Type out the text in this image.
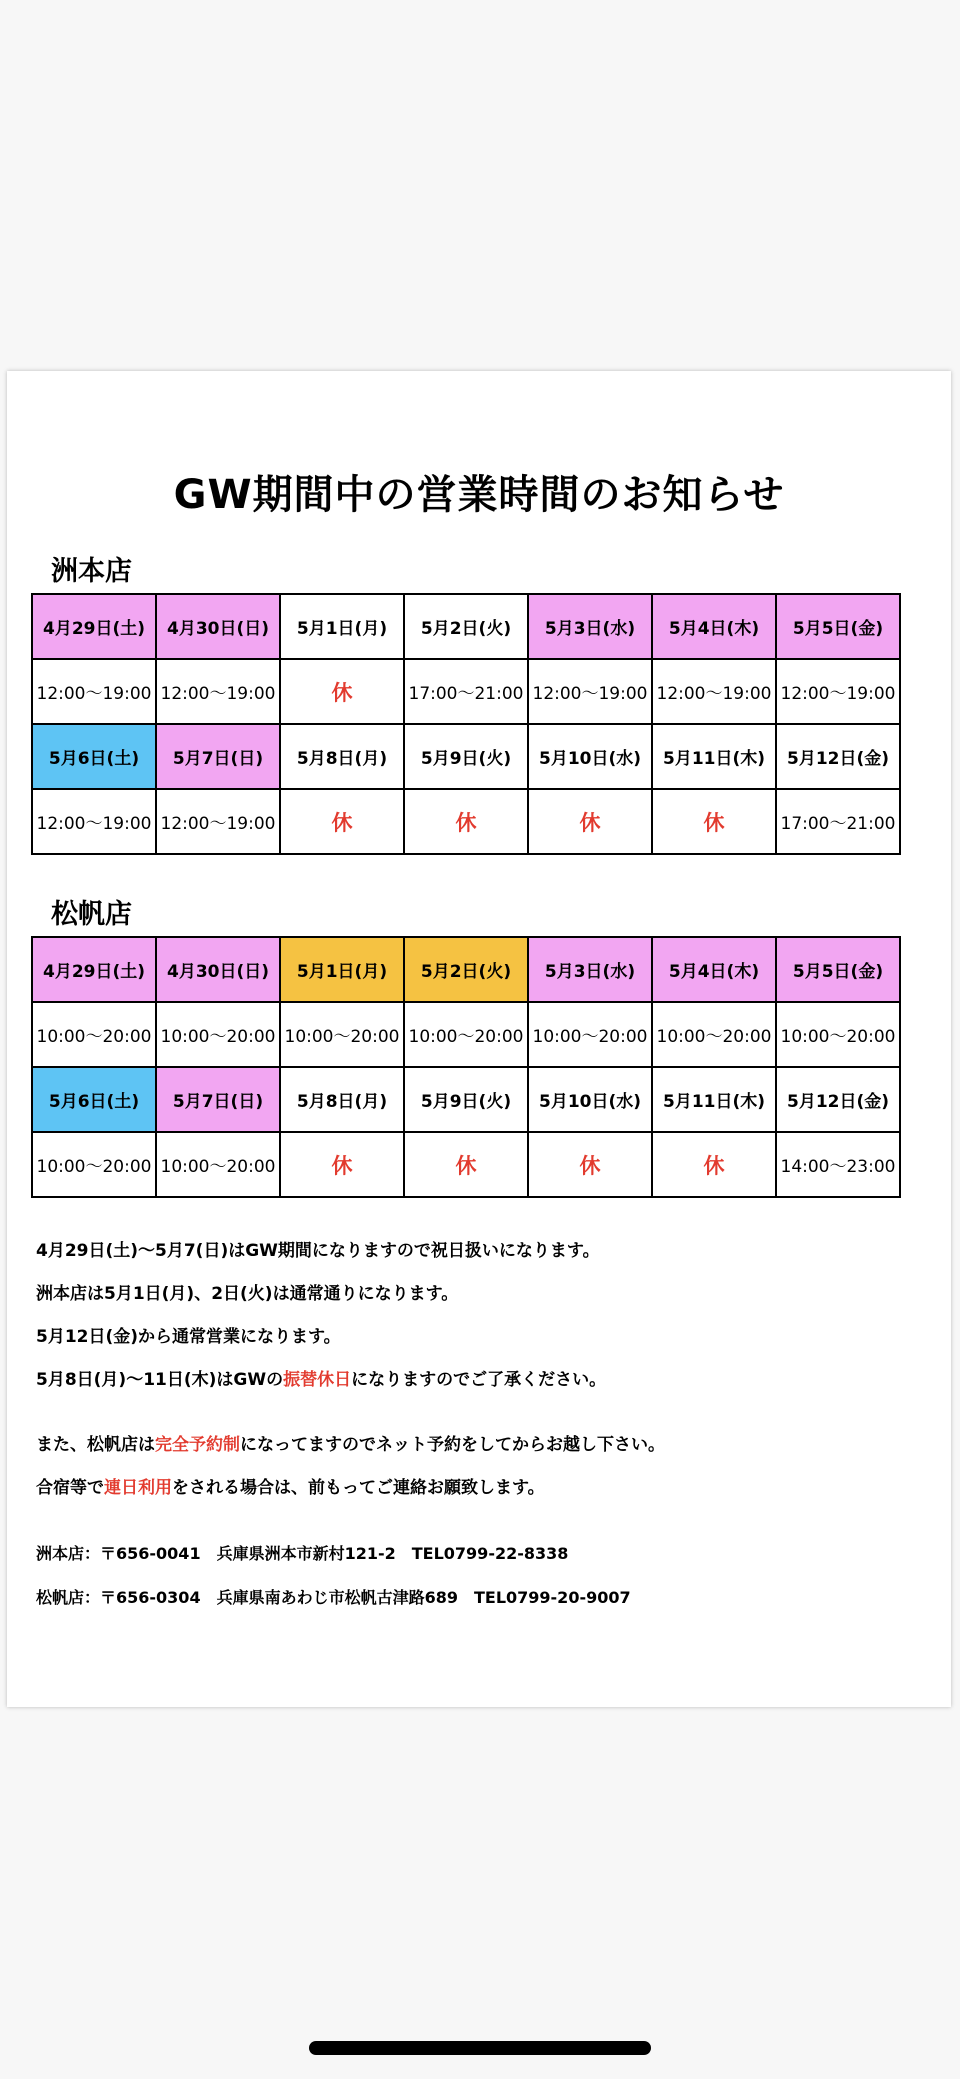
GW期間中の営業時間のお知らせ
洲本店
4月29日(土)	4月30日(日)	5月1日(月)	5月2日(火)	5月3日(水)	5月4日(木)	5月5日(金)
12:00～19:00	12:00～19:00	休	17:00～21:00	12:00～19:00	12:00～19:00	12:00～19:00
5月6日(土)	5月7日(日)	5月8日(月)	5月9日(火)	5月10日(水)	5月11日(木)	5月12日(金)
12:00～19:00	12:00～19:00	休	休	休	休	17:00～21:00
松帆店
4月29日(土)	4月30日(日)	5月1日(月)	5月2日(火)	5月3日(水)	5月4日(木)	5月5日(金)
10:00～20:00	10:00～20:00	10:00～20:00	10:00～20:00	10:00～20:00	10:00～20:00	10:00～20:00
5月6日(土)	5月7日(日)	5月8日(月)	5月9日(火)	5月10日(水)	5月11日(木)	5月12日(金)
10:00～20:00	10:00～20:00	休	休	休	休	14:00～23:00
4月29日(土)～5月7(日)はGW期間になりますので祝日扱いになります。
洲本店は5月1日(月)、2日(火)は通常通りになります。
5月12日(金)から通常営業になります。
5月8日(月)～11日(木)はGWの振替休日になりますのでご了承ください。
また、松帆店は完全予約制になってますのでネット予約をしてからお越し下さい。
合宿等で連日利用をされる場合は、前もってご連絡お願致します。
洲本店：〒656-0041　兵庫県洲本市新村121-2　TEL0799-22-8338
松帆店：〒656-0304　兵庫県南あわじ市松帆古津路689　TEL0799-20-9007
